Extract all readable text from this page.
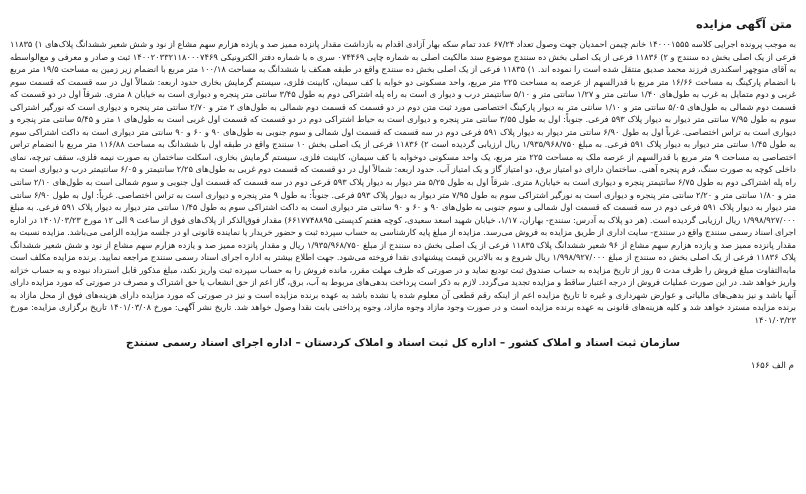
متن آگهی مزایده
به موجب پرونده اجرایی کلاسه ۱۴۰۰۰۱۵۵۵ خانم چیمن احمدیان جهت وصول تعداد ۶۷/۲۴ عدد تمام سکه بهار آزادی اقدام به بازداشت مقدار پانزده ممیز صد و یازده هزارم سهم مشاع از نود و شش شعیر ششدانگ پلاک‌های ۱) ۱۱۸۳۵ فرعی از یک اصلی بخش ده سنندج و ۲) ۱۱۸۳۶ فرعی از یک اصلی بخش ده سنندج موضوع سند مالکیت اصلی به شماره چاپی ۰۷۴۴۶۹ سری ه با شماره دفتر الکترونیکی ۱۴۰۰۲۰۳۳۲۱۱۸۰۰۰۷۴۶۹ ثبت و صادر و معرفی و مع‌الواسطه به آقای منوچهر اسکندری فرزند محمد صدیق منتقل شده است را نموده اند. ۱) ۱۱۸۳۵ فرعی از یک اصلی بخش ده سنندج واقع در طبقه همکف با ششدانگ به مساحت ۱۰۰/۱۸ متر مربع با انضمام زیر زمین به مساحت ۱۹/۵ متر مربع با انضمام پارکینگ به مساحت ۱۶/۶۶ متر مربع با قدرالسهم از عرصه به مساحت ۲۲۵ متر مربع، واحد مسکونی دو خوابه با کف سیمان، کابینت فلزی، سیستم گرمایش بخاری حدود اربعه: شمالاً اول در سه قسمت که قسمت سوم غربی و دوم متمایل به غرب به طول‌های ۱/۴۰ سانتی متر و ۱/۲۷ سانتی متر و ۵/۱۰ سانتیمتر درب و دیوار ی است به راه پله اشتراکی دوم به طول ۳/۴۵ سانتی متر پنجره و دیواری است به خیابان ۸ متری. شرقاً اول در دو قسمت که قسمت دوم شمالی به طول‌های ۵/۰۵ سانتی متر و ۱/۱۰ سانتی متر به دیوار پارکینگ اختصاصی مورد ثبت متن دوم در دو قسمت که قسمت دوم شمالی به طول‌های ۲ متر و ۲/۷۰ سانتی متر پنجره و دیواری است که نورگیر اشتراکی سوم به طول ۷/۹۵ سانتی متر دیوار به دیوار پلاک ۵۹۳ فرعی. جنوباً: اول به طول ۳/۵۵ سانتی متر پنجره و دیواری است به حیاط اشتراکی دوم در دو قسمت که قسمت اول غربی است به طول‌های ۱ متر و ۵/۴۵ سانتی متر پنجره و دیواری است به تراس اختصاصی. غرباً اول به طول ۶/۹۰ سانتی متر دیوار به دیوار پلاک ۵۹۱ فرعی دوم در سه قسمت که قسمت اول شمالی و سوم جنوبی به طول‌های ۹۰ و ۶۰ و ۹۰ سانتی متر دیواری است به داکت اشتراکی سوم به طول ۱/۴۵ سانتی متر دیوار به دیوار پلاک ۵۹۱ فرعی. به مبلغ ۱/۹۳۵/۹۶۸/۷۵۰ ریال ارزیابی گردیده است ۲) ۱۱۸۳۶ فرعی از یک اصلی بخش ۱۰ سنندج واقع در طبقه اول با ششدانگ به مساحت ۱۱۶/۸۸ متر مربع با انضمام تراس اختصاصی به مساحت ۹ متر مربع با قدرالسهم از عرصه ملک به مساحت ۲۲۵ متر مربع، یک واحد مسکونی دوخوابه با کف سیمان، کابینت فلزی، سیستم گرمایش بخاری، اسکلت ساختمان به صورت نیمه فلزی، سقف تیرچه، نمای داخلی کوچه به صورت سنگ، فرم پنجره آهنی. ساختمان دارای دو امتیاز برق، دو امتیاز گاز و یک امتیاز آب. حدود اربعه: شمالاً اول در دو قسمت که قسمت دوم غربی به طول‌های ۲/۲۵ سانتیمتر و ۶/۰۵ سانتیمتر درب و دیواری است به راه پله اشتراکی دوم به طول ۶/۷۵ سانتیمتر پنجره و دیواری است به خیابان۸ متری. شرقاً اول به طول ۵/۲۵ متر دیوار به دیوار پلاک ۵۹۳ فرعی دوم در سه قسمت که قسمت اول جنوبی و سوم شمالی است به طول‌های ۲/۱۰ سانتی متر و ۱/۸۰ سانتی متر و ۲/۲۰ سانتی متر پنجره و دیواری است به نورگیر اشتراکی سوم به طول ۷/۹۵ متر دیوار به دیوار پلاک ۵۹۳ فرعی. جنوباً: به طول ۹ متر پنجره و دیواری است به تراس اختصاصی. غرباً: اول به طول ۶/۹۰ سانتی متر دیوار به دیوار پلاک ۵۹۱ فرعی دوم در سه قسمت که قسمت اول شمالی و سوم جنوبی به طول‌های ۹۰ و ۶۰ و ۹۰ سانتی متر دیواری است به داکت اشتراکی سوم به طول ۱/۴۵ سانتی متر دیوار به دیوار پلاک ۵۹۱ فرعی. به مبلغ ۱/۹۹۸/۹۲۷/۰۰۰ ریال ارزیابی گردیده است. (هر دو پلاک به آدرس: سنندج- بهاران، ۱/۱۷، خیابان شهید اسعد سعیدی، کوچه هفتم کدپستی ۶۶۱۷۷۴۸۸۹۵) مقدار فوق‌الذکر از پلاک‌های فوق از ساعت ۹ الی ۱۲ مورخ ۱۴۰۱/۰۳/۲۳ در اداره اجرای اسناد رسمی سنندج واقع در سنندج- سایت اداری از طریق مزایده به فروش می‌رسد. مزایده از مبلغ پایه کارشناسی به حساب سپرده ثبت و حضور خریدار یا نماینده قانونی او در جلسه مزایده الزامی می‌باشد. مزایده نسبت به مقدار پانزده ممیز صد و یازده هزارم سهم مشاع از ۹۶ شعیر ششدانگ پلاک ۱۱۸۳۵ فرعی از یک اصلی بخش ده سنندج از مبلغ ۱/۹۳۵/۹۶۸/۷۵۰ ریال و مقدار پانزده ممیز صد و یازده هزارم سهم مشاع از نود و شش شعیر ششدانگ پلاک ۱۱۸۳۶ فرعی از یک اصلی بخش ده سنندج از مبلغ ۱/۹۹۸/۹۲۷/۰۰۰ ریال شروع و به بالاترین قیمت پیشنهادی نقدا فروخته می‌شود. جهت اطلاع بیشتر به اداره اجرای اسناد رسمی سنندج مراجعه نمایید. برنده مزایده مکلف است مابه‌التفاوت مبلغ فروش را ظرف مدت ۵ روز از تاریخ مزایده به حساب صندوق ثبت تودیع نماید و در صورتی که ظرف مهلت مقرر، مانده فروش را به حساب سپرده ثبت واریز نکند، مبلغ مذکور قابل استرداد نبوده و به حساب خزانه واریز خواهد شد. در این صورت عملیات فروش از درجه اعتبار ساقط و مزایده تجدید می‌گردد. لازم به ذکر است پرداخت بدهی‌های مربوط به آب، برق، گاز اعم از حق انشعاب یا حق اشتراک و مصرف در صورتی که مورد مزایده دارای آنها باشد و نیز بدهی‌های مالیاتی و عوارض شهرداری و غیره تا تاریخ مزایده اعم از اینکه رقم قطعی آن معلوم شده یا نشده باشد به عهده برنده مزایده است و نیز در صورتی که مورد مزایده دارای هزینه‌های فوق از محل مازاد به برنده مزایده مسترد خواهد شد و کلیه هزینه‌های قانونی به عهده برنده مزایده است و در صورت وجود مازاد وجوه مازاد، وجوه پرداختی بابت نقدا وصول خواهد شد. تاریخ نشر آگهی: مورخ ۱۴۰۱/۰۳/۰۸ تاریخ برگزاری مزایده: مورخ ۱۴۰۱/۰۳/۲۳
سازمان ثبت اسناد و املاک کشور – اداره کل ثبت اسناد و املاک کردستان – اداره اجرای اسناد رسمی سنندج
م الف ۱۶۵۶
